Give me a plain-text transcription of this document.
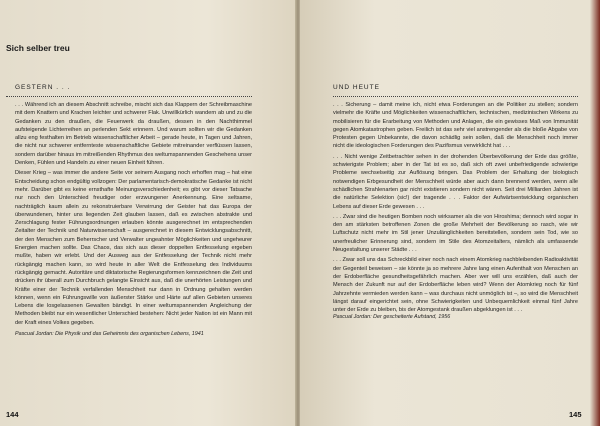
Sich selber treu
GESTERN . . .

. . . Während ich an diesem Abschnitt schreibe, mischt sich das Klappern der Schreibmaschine mit dem Knattern und Krachen leichter und schwerer Flak. Unwillkürlich wandern ab und zu die Gedanken zu den draußen, die Feuerwerk da draußen, dessen in den Nachthimmel aufsteigende Lichterreihen an perlenden Sekt erinnern. Und warum sollten wir die Gedanken allzu eng festhalten im Betrieb wissenschaftlicher Arbeit – gerade heute, in Tagen und Jahren, die nicht nur schwerer entfernteste wissenschaftliche Gebiete mitreinander verflüssen lassen, sondern darüber hinaus im mitreißenden Rhythmus des weltumspannenden Geschehens unser Denken, Fühlen und Handeln zu einer neuen Einheit führen.

Dieser Krieg – was immer die andere Seite vor seinem Ausgang noch erhoffen mag – hat eine Entscheidung schon endgültig vollzogen: Der parlamentarisch-demokratische Gedanke ist nicht mehr. Darüber gibt es keine ernsthafte Meinungsverschiedenheit; es gibt vor dieser Tatsache nur noch den Unterschied freudiger oder erzwungener Anerkennung. Eine seltsame, nachträglich kaum allein zu rekonstruierbare Verwirrung der Geister hat das Europa der überwundenen, hinter uns liegenden Zeit glauben lassen, daß es zwischen abstrakte und Zerschlagung fester Führungsordnungen erlauben könnte ausgerechnet im entsprechenden Zeitalter der Technik und Naturwissenschaft – ausgerechnet in diesem Entwicklungsabschnitt, der den Menschen zum Beherrscher und Verwalter ungeahnter Möglichkeiten und ungeheurer Energien machen sollte. Das Chaos, das sich aus dieser doppelten Entfesselung ergeben mußte, haben wir erlebt. Und der Ausweg aus der Entfesselung der Technik nicht mehr rückgängig machen kann, so wird heute in aller Welt die Entfesselung des Individuums rückgängig gemacht. Autoritäre und diktatorische Regierungsformen kennzeichnen die Zeit und drücken ihr überall zum Durchbruch gelangte Einsicht aus, daß die unerhörten Leistungen und Kräfte einer der Technik verfallenden Menschheit nur dann in Ordnung gehalten werden können, wenn ein Führungswille von äußerster Stärke und Härte auf allen Gebieten unseres Lebens die losgelassenen Gewalten bändigt. In einer weltumspannenden Angleichung der Methoden bleibt nur ein wesentlicher Unterschied bestehen: Nicht jeder Nation ist ein Mann mit der Kraft eines Volkes gegeben.

Pascual Jordan: Die Physik und das Geheimnis des organischen Lebens, 1941
144
UND HEUTE

. . . Sicherung – damit meine ich, nicht etwa Forderungen an die Politiker zu stellen; sondern vielmehr die Kräfte und Möglichkeiten wissenschaftlichen, technischen, medizinischen Wirkens zu mobilisieren für die Erarbeitung von Methoden und Anlagen, die ein gewisses Maß von Immunität gegen Atomkatastrophen geben. Freilich ist das sehr viel anstrengender als die bloße Abgabe von Protesten gegen Unbekannte, die davon schädlig sein sollen, daß die Menschheit noch immer nicht die ideologischen Forderungen des Pazifismus verwirklicht hat . . .

. . . Nicht wenige Zeitbetrachter sehen in der drohenden Überbevölkerung der Erde das größte, schwierigste Problem; aber in der Tat ist es so, daß sich oft zwei unbefriedigende schwierige Probleme wechselseitig zur Auflösung bringen. Das Problem der Erhaltung der biologisch notwendigen Erbgesundheit der Menschheit würde aber auch dann brennend werden, wenn alle schädlichen Strahlenarten gar nicht existieren sondern nicht wären. Seit drei Milliarden Jahren ist die natürliche Selektion (sic!) der tragende . . . Faktor der Aufwärtsentwicklung organischen Lebens auf dieser Erde gewesen . . .

. . . Zwar sind die heutigen Bomben noch wirksamer als die von Hiroshima; dennoch wird sogar in den am stärksten betroffenen Zonen die große Mehrheit der Bevölkerung so rasch, wie wir Luftschutz nicht mehr im Stil jener Unzulänglichkeiten bereitstellen, sondern sein Tod, wie so unerfreulicher Erinnerung sind, sondern im Stile des Atomzeitalters, nämlich als umfassende Neugestaltung unserer Städte . . .

. . . Zwar soll uns das Schreckbild einer noch nach einem Atomkrieg nachbleibenden Radioaktivität der Gegenteil beweisen – sie könnte ja so mehrere Jahre lang einen Aufenthalt von Menschen an der Erdoberfläche gesundheitsgefährlich machen. Aber wer will uns erzählen, daß auch der Mensch der Zukunft nur auf der Erdoberfläche leben wird? Wenn der Atomkrieg noch für fünf Jahrzehnte vermieden werden kann – was durchaus nicht unmöglich ist –, so wird die Menschheit längst darauf eingerichtet sein, ohne Schwierigkeiten und Unbequemlichkeit einmal fünf Jahre unter der Erde zu bleiben, bis der Atomgestank draußen abgeklungen ist . . .

Pascual Jordan: Der gescheiterte Aufstand, 1956
145
